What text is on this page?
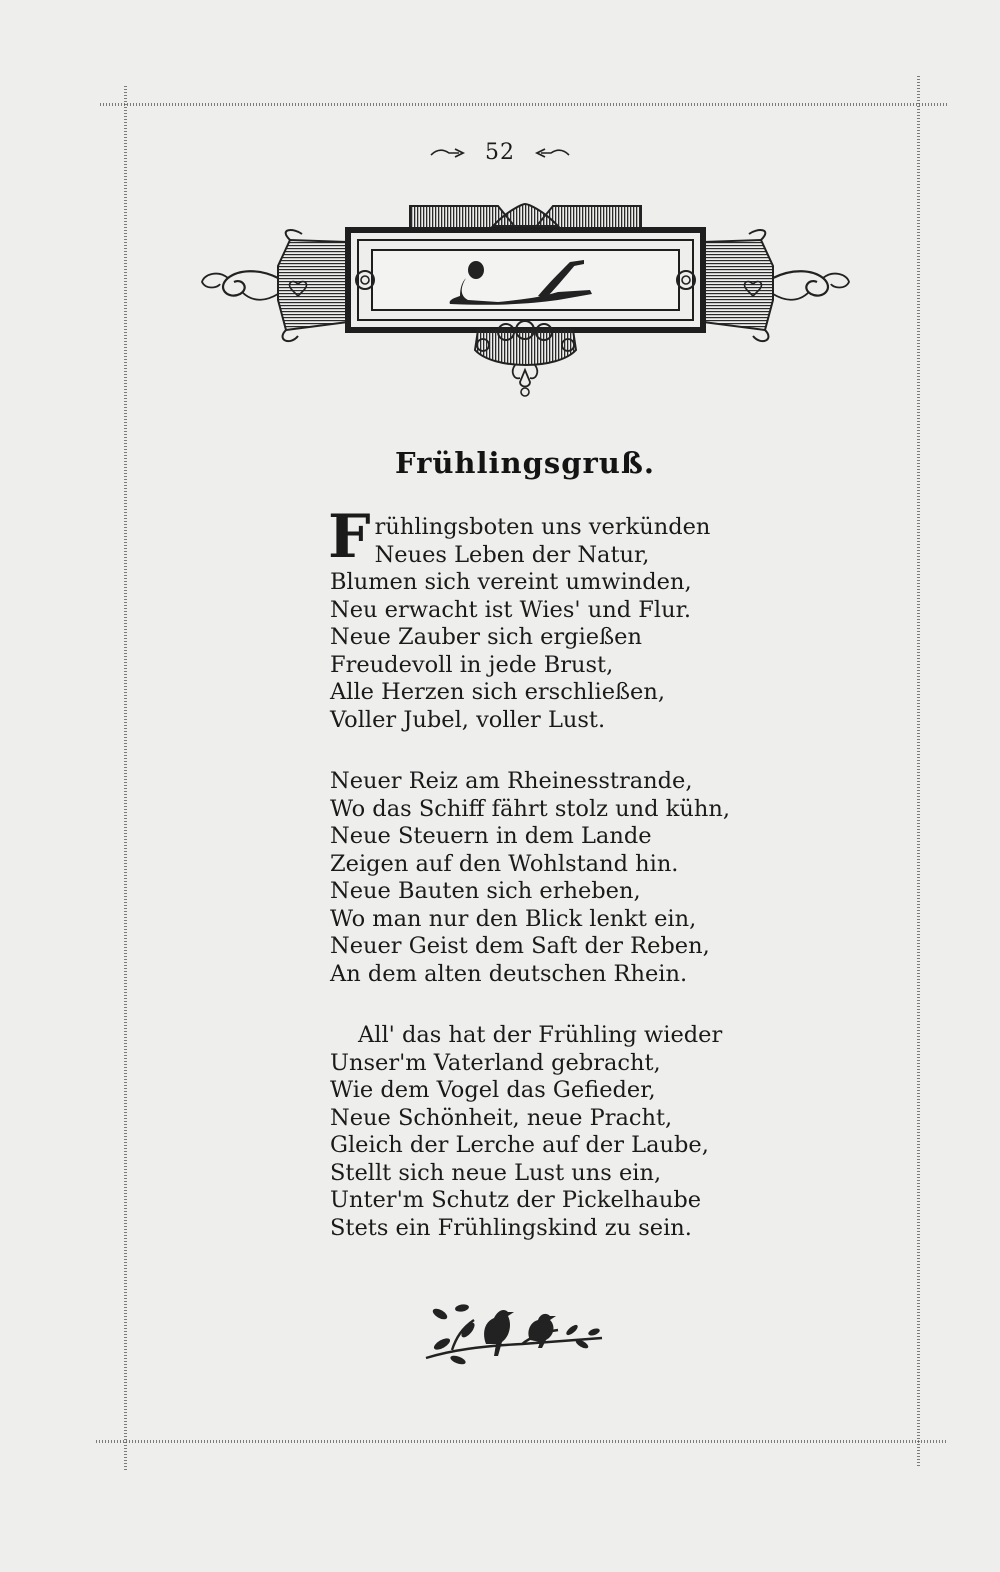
52
Frühlingsgruß.
Frühlingsboten uns verkünden
Neues Leben der Natur,
Blumen sich vereint umwinden,
Neu erwacht ist Wies' und Flur.
Neue Zauber sich ergießen
Freudevoll in jede Brust,
Alle Herzen sich erschließen,
Voller Jubel, voller Lust.
Neuer Reiz am Rheinesstrande,
Wo das Schiff fährt stolz und kühn,
Neue Steuern in dem Lande
Zeigen auf den Wohlstand hin.
Neue Bauten sich erheben,
Wo man nur den Blick lenkt ein,
Neuer Geist dem Saft der Reben,
An dem alten deutschen Rhein.
All' das hat der Frühling wieder
Unser'm Vaterland gebracht,
Wie dem Vogel das Gefieder,
Neue Schönheit, neue Pracht,
Gleich der Lerche auf der Laube,
Stellt sich neue Lust uns ein,
Unter'm Schutz der Pickelhaube
Stets ein Frühlingskind zu sein.
